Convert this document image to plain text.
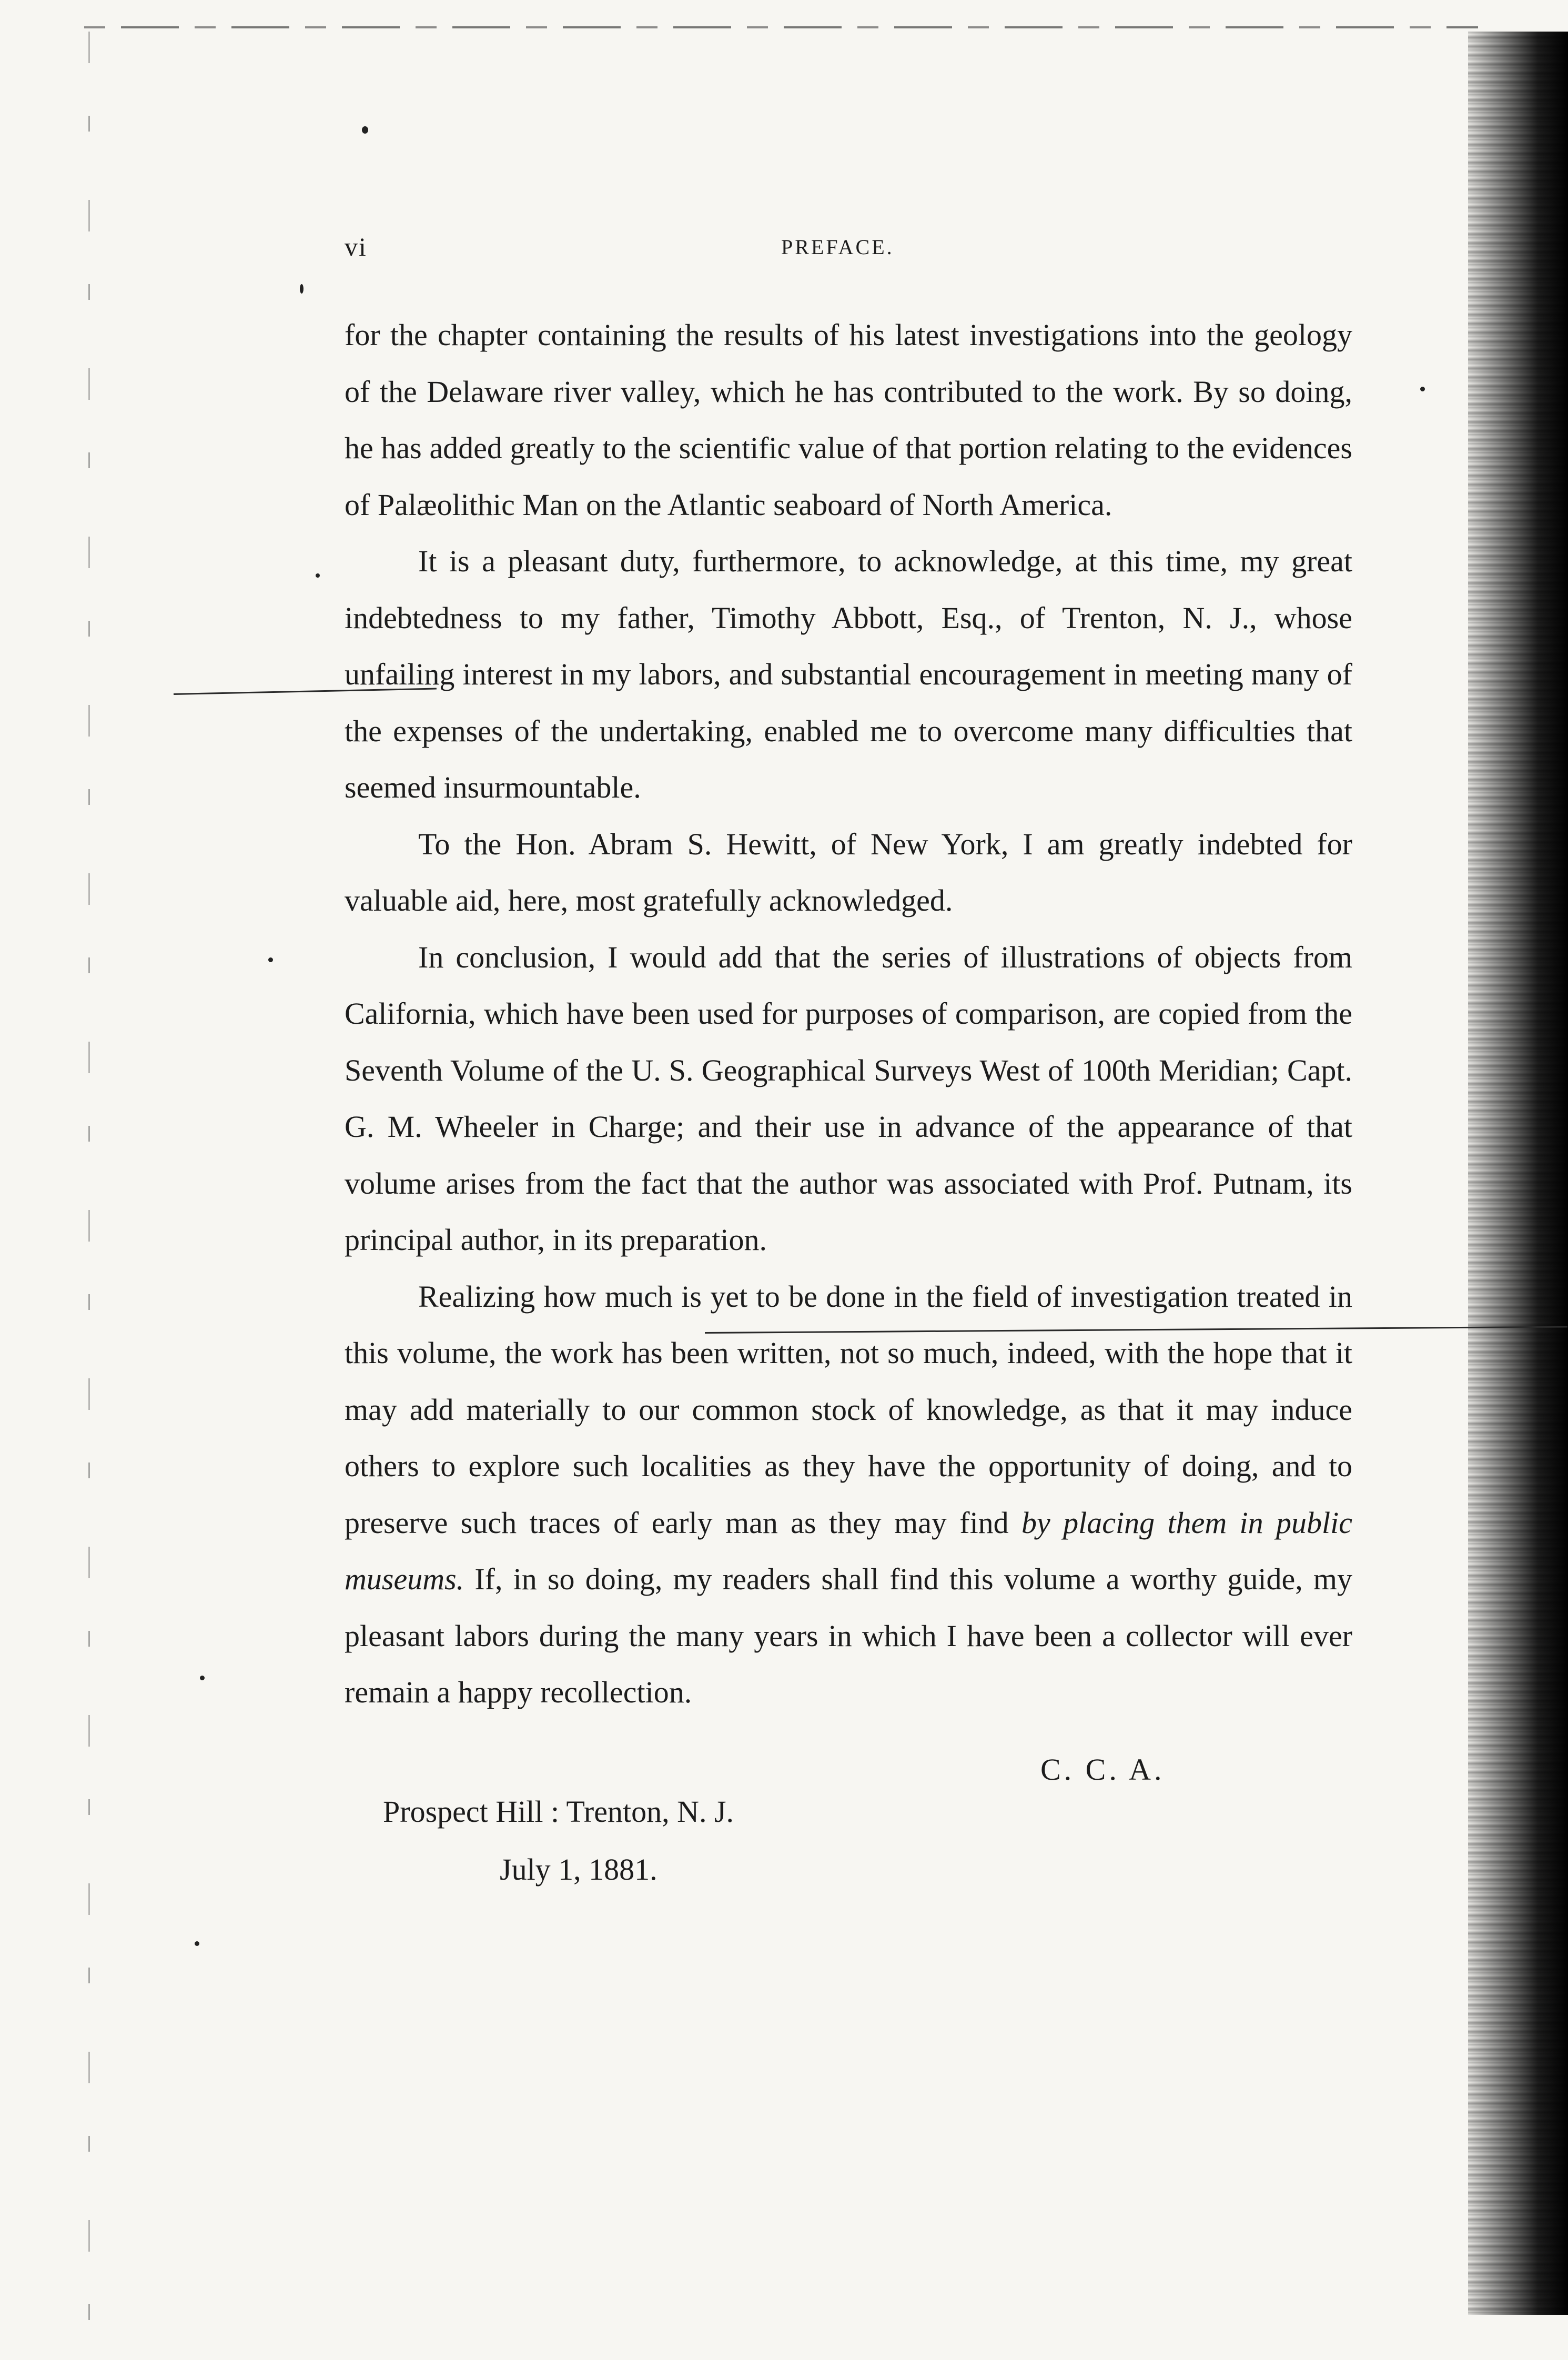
vi	PREFACE.

for the chapter containing the results of his latest investigations into the geology of the Delaware river valley, which he has contributed to the work. By so doing, he has added greatly to the scientific value of that portion relating to the evidences of Palæolithic Man on the Atlantic seaboard of North America.

It is a pleasant duty, furthermore, to acknowledge, at this time, my great indebtedness to my father, Timothy Abbott, Esq., of Trenton, N. J., whose unfailing interest in my labors, and substantial encouragement in meeting many of the expenses of the undertaking, enabled me to overcome many difficulties that seemed insurmountable.

To the Hon. Abram S. Hewitt, of New York, I am greatly indebted for valuable aid, here, most gratefully acknowledged.

In conclusion, I would add that the series of illustrations of objects from California, which have been used for purposes of comparison, are copied from the Seventh Volume of the U. S. Geographical Surveys West of 100th Meridian; Capt. G. M. Wheeler in Charge; and their use in advance of the appearance of that volume arises from the fact that the author was associated with Prof. Putnam, its principal author, in its preparation.

Realizing how much is yet to be done in the field of investigation treated in this volume, the work has been written, not so much, indeed, with the hope that it may add materially to our common stock of knowledge, as that it may induce others to explore such localities as they have the opportunity of doing, and to preserve such traces of early man as they may find by placing them in public museums. If, in so doing, my readers shall find this volume a worthy guide, my pleasant labors during the many years in which I have been a collector will ever remain a happy recollection.

C. C. A.
Prospect Hill : Trenton, N. J.
July 1, 1881.
